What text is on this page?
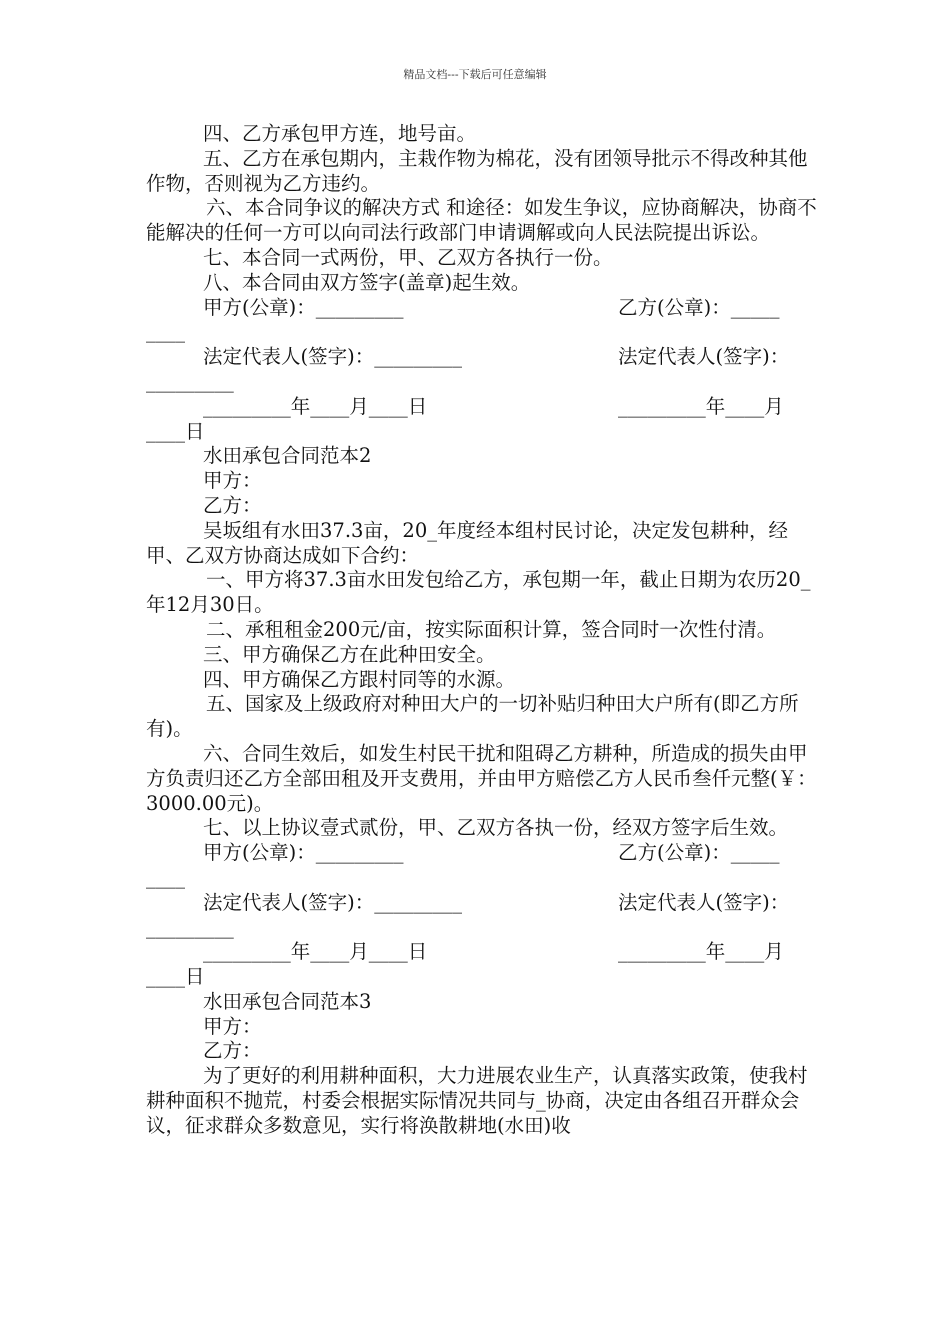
精品文档---下载后可任意编辑

四、乙方承包甲方连，地号亩。

五、乙方在承包期内，主栽作物为棉花，没有团领导批示不得改种其他作物，否则视为乙方违约。

六、本合同争议的解决方式 和途径：如发生争议，应协商解决，协商不能解决的任何一方可以向司法行政部门申请调解或向人民法院提出诉讼。

七、本合同一式两份，甲、乙双方各执行一份。

八、本合同由双方签字(盖章)起生效。

甲方(公章)：_________	乙方(公章)：_____
____
法定代表人(签字)：_________	法定代表人(签字)：
_________
_________年____月____日	_________年____月
____日

水田承包合同范本2

甲方：

乙方：

吴坂组有水田37.3亩，20_年度经本组村民讨论，决定发包耕种，经甲、乙双方协商达成如下合约：

一、甲方将37.3亩水田发包给乙方，承包期一年，截止日期为农历20_年12月30日。

二、承租租金200元/亩，按实际面积计算，签合同时一次性付清。

三、甲方确保乙方在此种田安全。

四、甲方确保乙方跟村同等的水源。

五、国家及上级政府对种田大户的一切补贴归种田大户所有(即乙方所有)。

六、合同生效后，如发生村民干扰和阻碍乙方耕种，所造成的损失由甲方负责归还乙方全部田租及开支费用，并由甲方赔偿乙方人民币叁仟元整(￥：3000.00元)。

七、以上协议壹式贰份，甲、乙双方各执一份，经双方签字后生效。

甲方(公章)：_________	乙方(公章)：_____
____
法定代表人(签字)：_________	法定代表人(签字)：
_________
_________年____月____日	_________年____月
____日

水田承包合同范本3

甲方：

乙方：

为了更好的利用耕种面积，大力进展农业生产，认真落实政策，使我村耕种面积不抛荒，村委会根据实际情况共同与_协商，决定由各组召开群众会议，征求群众多数意见，实行将涣散耕地(水田)收
